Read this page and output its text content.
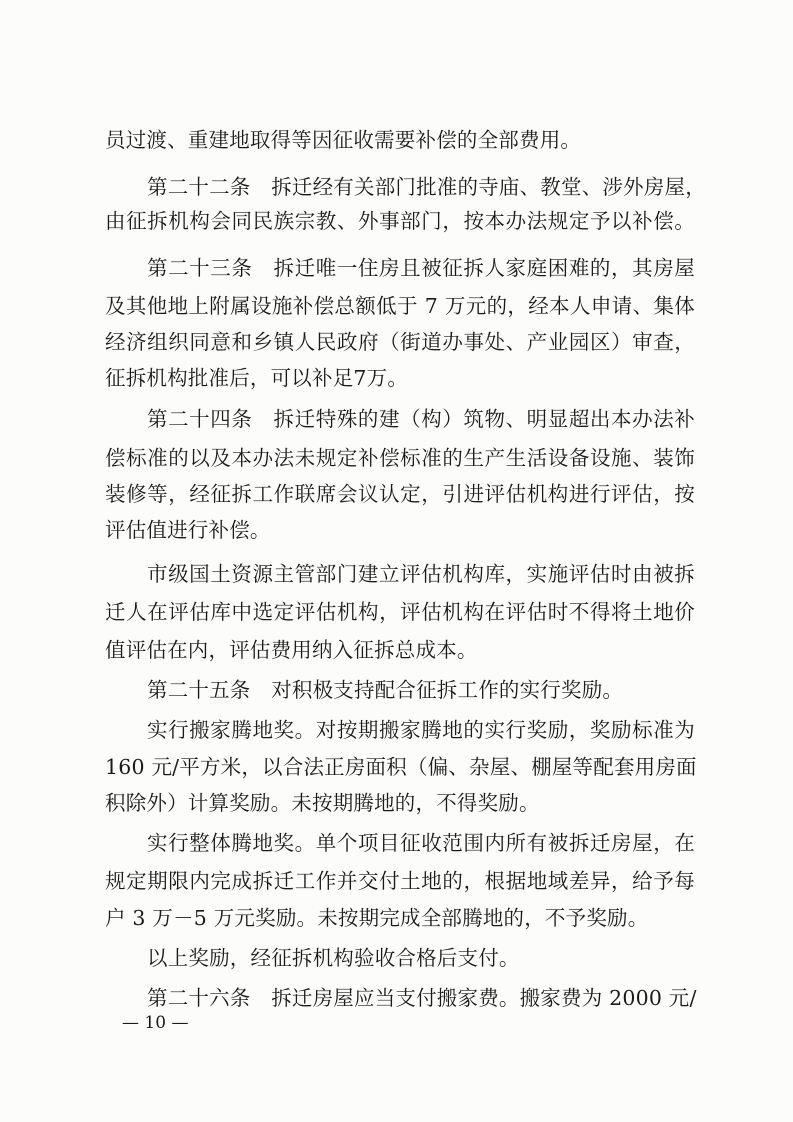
员过渡、重建地取得等因征收需要补偿的全部费用。
第二十二条　拆迁经有关部门批准的寺庙、教堂、涉外房屋，
由征拆机构会同民族宗教、外事部门，按本办法规定予以补偿。
第二十三条　拆迁唯一住房且被征拆人家庭困难的，其房屋
及其他地上附属设施补偿总额低于 7 万元的，经本人申请、集体
经济组织同意和乡镇人民政府（街道办事处、产业园区）审查，
征拆机构批准后，可以补足7万。
第二十四条　拆迁特殊的建（构）筑物、明显超出本办法补
偿标准的以及本办法未规定补偿标准的生产生活设备设施、装饰
装修等，经征拆工作联席会议认定，引进评估机构进行评估，按
评估值进行补偿。
市级国土资源主管部门建立评估机构库，实施评估时由被拆
迁人在评估库中选定评估机构，评估机构在评估时不得将土地价
值评估在内，评估费用纳入征拆总成本。
第二十五条　对积极支持配合征拆工作的实行奖励。
实行搬家腾地奖。对按期搬家腾地的实行奖励，奖励标准为
160 元/平方米，以合法正房面积（偏、杂屋、棚屋等配套用房面
积除外）计算奖励。未按期腾地的，不得奖励。
实行整体腾地奖。单个项目征收范围内所有被拆迁房屋，在
规定期限内完成拆迁工作并交付土地的，根据地域差异，给予每
户 3 万－5 万元奖励。未按期完成全部腾地的，不予奖励。
以上奖励，经征拆机构验收合格后支付。
第二十六条　拆迁房屋应当支付搬家费。搬家费为 2000 元/
— 10 —
